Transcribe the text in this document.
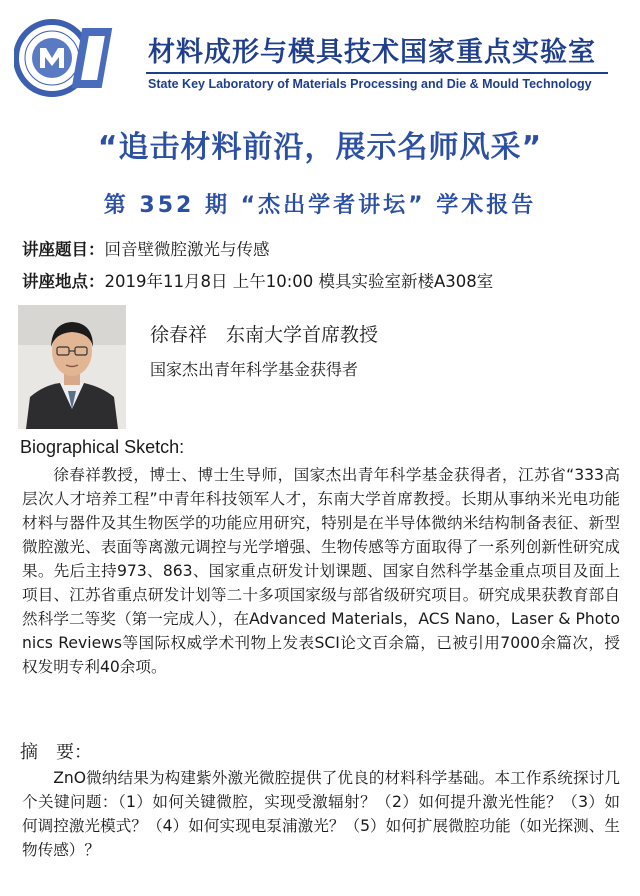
材料成形与模具技术国家重点实验室
State Key Laboratory of Materials Processing and Die & Mould Technology
“追击材料前沿，展示名师风采”
第 352 期 “杰出学者讲坛” 学术报告
讲座题目：回音壁微腔激光与传感
讲座地点：2019年11月8日 上午10:00 模具实验室新楼A308室
徐春祥　东南大学首席教授
国家杰出青年科学基金获得者
Biographical Sketch:
徐春祥教授，博士、博士生导师，国家杰出青年科学基金获得者，江苏省“333高层次人才培养工程”中青年科技领军人才，东南大学首席教授。长期从事纳米光电功能材料与器件及其生物医学的功能应用研究，特别是在半导体微纳米结构制备表征、新型微腔激光、表面等离激元调控与光学增强、生物传感等方面取得了一系列创新性研究成果。先后主持973、863、国家重点研发计划课题、国家自然科学基金重点项目及面上项目、江苏省重点研发计划等二十多项国家级与部省级研究项目。研究成果获教育部自然科学二等奖（第一完成人），在Advanced Materials，ACS Nano，Laser & Photonics Reviews等国际权威学术刊物上发表SCI论文百余篇，已被引用7000余篇次，授权发明专利40余项。
摘　要：
ZnO微纳结果为构建紫外激光微腔提供了优良的材料科学基础。本工作系统探讨几个关键问题：（1）如何关键微腔，实现受激辐射？（2）如何提升激光性能？（3）如何调控激光模式？（4）如何实现电泵浦激光？（5）如何扩展微腔功能（如光探测、生物传感）？
